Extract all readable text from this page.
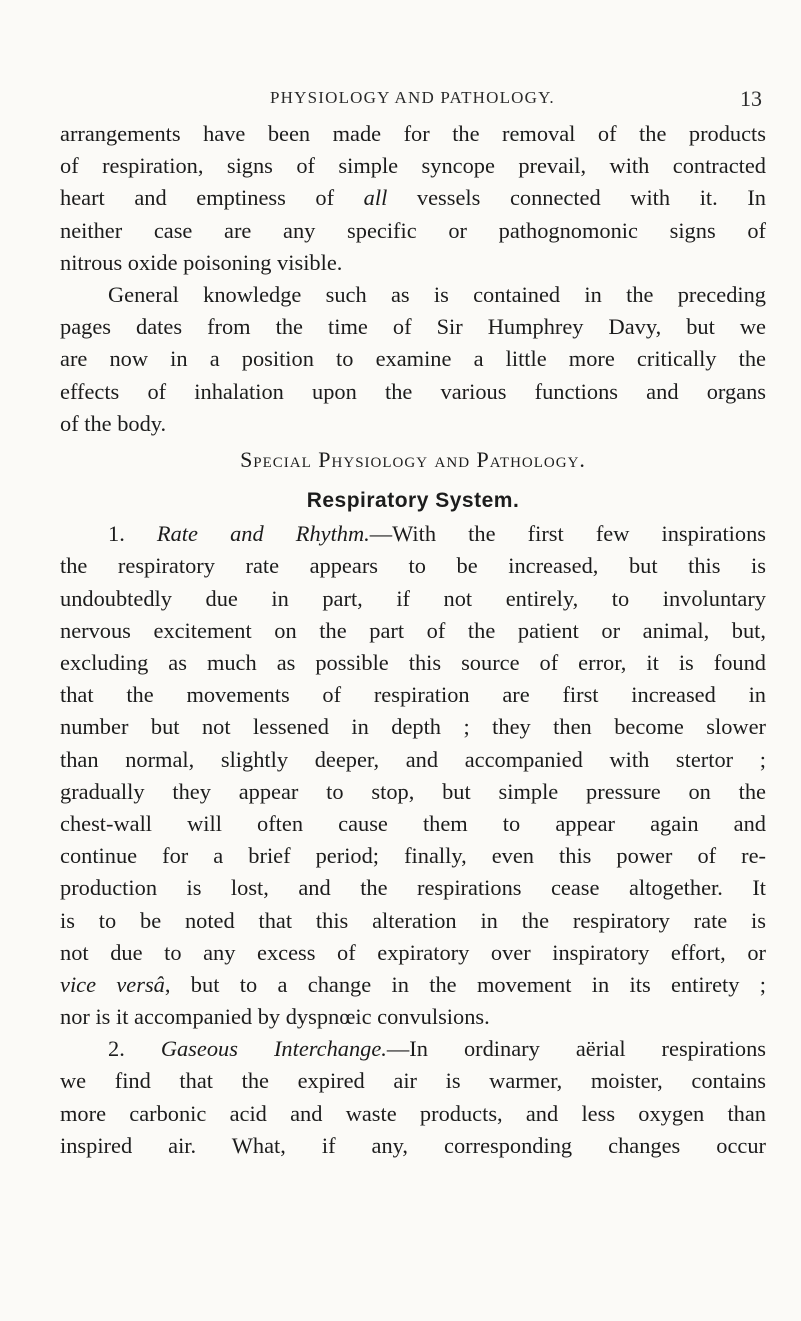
PHYSIOLOGY AND PATHOLOGY.	13
arrangements have been made for the removal of the products
of respiration, signs of simple syncope prevail, with contracted
heart and emptiness of all vessels connected with it. In
neither case are any specific or pathognomonic signs of
nitrous oxide poisoning visible.
General knowledge such as is contained in the preceding
pages dates from the time of Sir Humphrey Davy, but we
are now in a position to examine a little more critically the
effects of inhalation upon the various functions and organs
of the body.
Special Physiology and Pathology.
Respiratory System.
1. Rate and Rhythm.—With the first few inspirations
the respiratory rate appears to be increased, but this is
undoubtedly due in part, if not entirely, to involuntary
nervous excitement on the part of the patient or animal, but,
excluding as much as possible this source of error, it is found
that the movements of respiration are first increased in
number but not lessened in depth ; they then become slower
than normal, slightly deeper, and accompanied with stertor ;
gradually they appear to stop, but simple pressure on the
chest-wall will often cause them to appear again and
continue for a brief period; finally, even this power of re-
production is lost, and the respirations cease altogether. It
is to be noted that this alteration in the respiratory rate is
not due to any excess of expiratory over inspiratory effort, or
vice versâ, but to a change in the movement in its entirety ;
nor is it accompanied by dyspnœic convulsions.
2. Gaseous Interchange.—In ordinary aërial respirations
we find that the expired air is warmer, moister, contains
more carbonic acid and waste products, and less oxygen than
inspired air. What, if any, corresponding changes occur
